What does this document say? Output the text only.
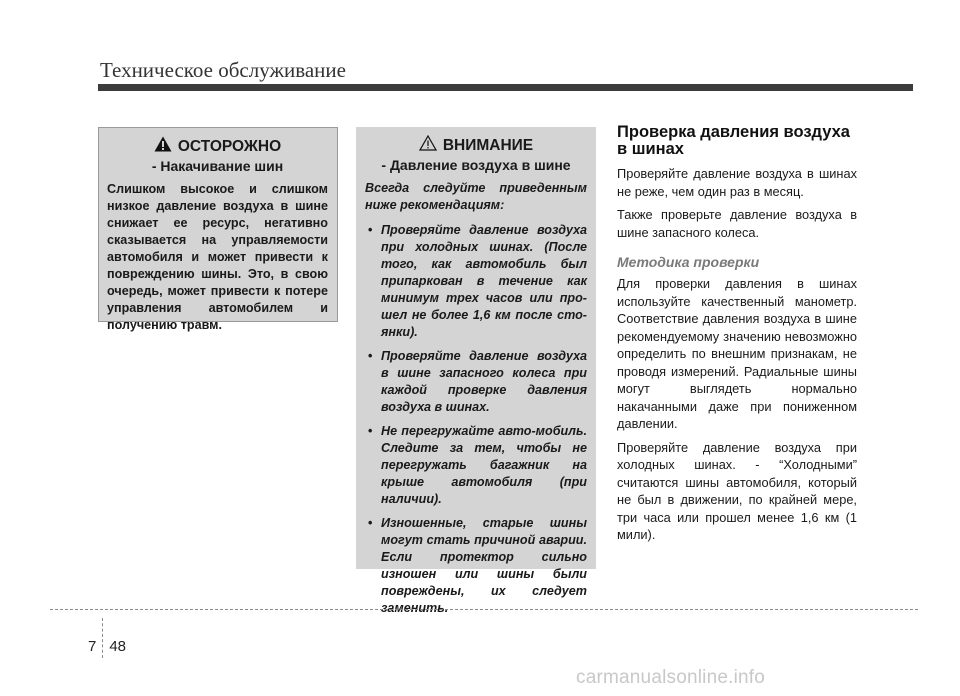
Техническое обслуживание
ОСТОРОЖНО
- Накачивание шин
Слишком высокое и слишком низкое давление воздуха в шине снижает ее ресурс, негативно сказывается на управляемости автомобиля и может привести к повреждению шины. Это, в свою очередь, может привести к потере управления автомобилем и получению травм.
ВНИМАНИЕ
- Давление воздуха в шине
Всегда следуйте приведенным ниже рекомендациям:
• Проверяйте давление воздуха при холодных шинах. (После того, как автомобиль был припаркован в течение как минимум трех часов или про-шел не более 1,6 км после сто-янки).
• Проверяйте давление воздуха в шине запасного колеса при каждой проверке давления воздуха в шинах.
• Не перегружайте авто-мобиль. Следите за тем, чтобы не перегружать багажник на крыше автомобиля (при наличии).
• Изношенные, старые шины могут стать причиной аварии. Если протектор сильно изношен или шины были повреждены, их следует заменить.
Проверка давления воздуха в шинах

Проверяйте давление воздуха в шинах не реже, чем один раз в месяц.

Также проверьте давление воздуха в шине запасного колеса.

Методика проверки

Для проверки давления в шинах используйте качественный манометр. Соответствие давления воздуха в шине рекомендуемому значению невозможно определить по внешним признакам, не проводя измерений. Радиальные шины могут выглядеть нормально накачанными даже при пониженном давлении.

Проверяйте давление воздуха при холодных шинах. - “Холодными” считаются шины автомобиля, который не был в движении, по крайней мере, три часа или прошел менее 1,6 км (1 мили).

7 48
carmanualsonline.info
